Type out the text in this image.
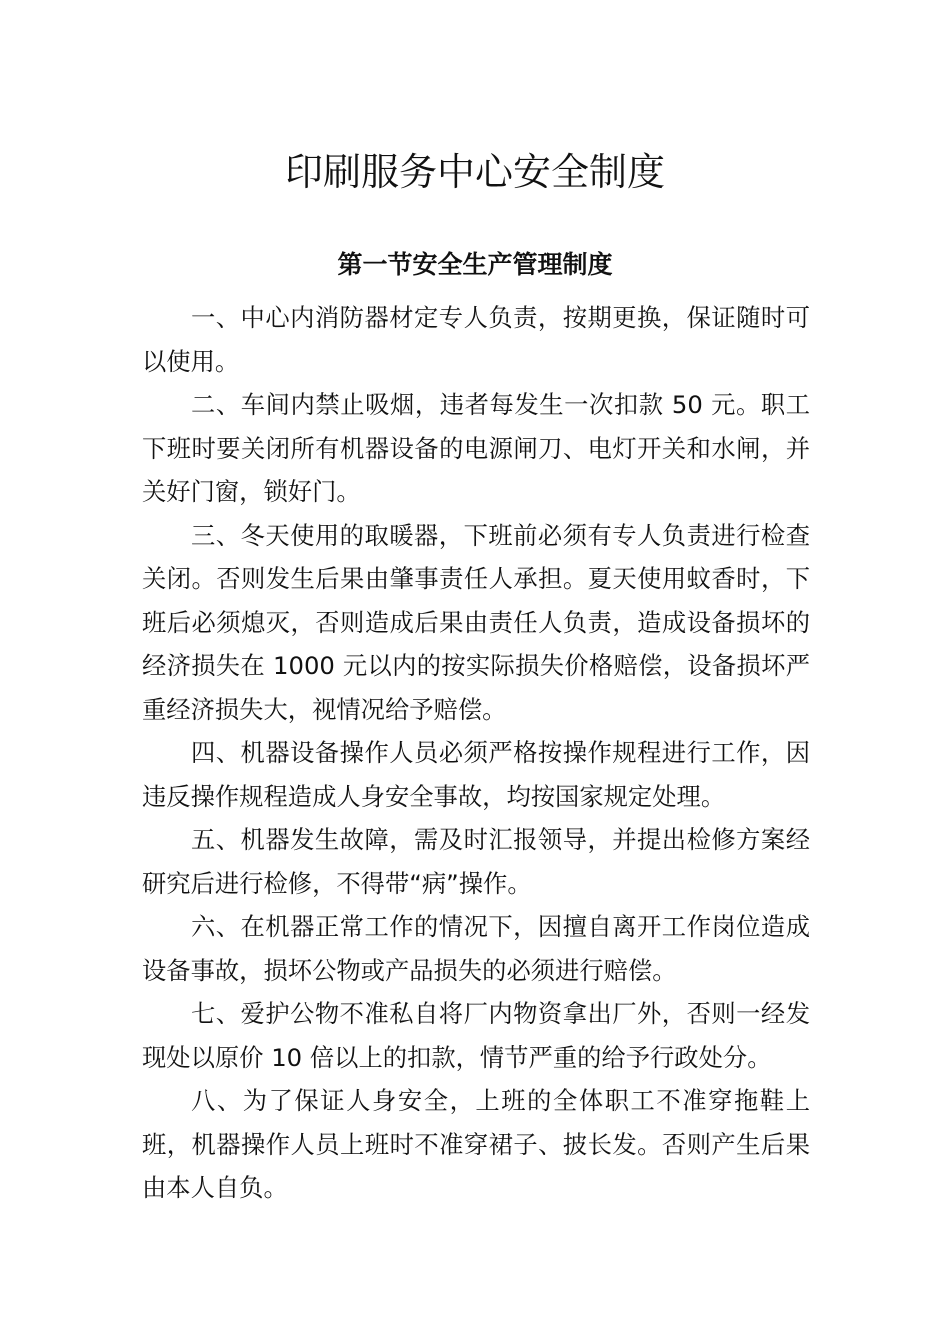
印刷服务中心安全制度
第一节安全生产管理制度

一、中心内消防器材定专人负责，按期更换，保证随时可以使用。

二、车间内禁止吸烟，违者每发生一次扣款 50 元。职工下班时要关闭所有机器设备的电源闸刀、电灯开关和水闸，并关好门窗，锁好门。

三、冬天使用的取暖器，下班前必须有专人负责进行检查关闭。否则发生后果由肇事责任人承担。夏天使用蚊香时，下班后必须熄灭，否则造成后果由责任人负责，造成设备损坏的经济损失在 1000 元以内的按实际损失价格赔偿，设备损坏严重经济损失大，视情况给予赔偿。

四、机器设备操作人员必须严格按操作规程进行工作，因违反操作规程造成人身安全事故，均按国家规定处理。

五、机器发生故障，需及时汇报领导，并提出检修方案经研究后进行检修，不得带“病”操作。

六、在机器正常工作的情况下，因擅自离开工作岗位造成设备事故，损坏公物或产品损失的必须进行赔偿。

七、爱护公物不准私自将厂内物资拿出厂外，否则一经发现处以原价 10 倍以上的扣款，情节严重的给予行政处分。

八、为了保证人身安全，上班的全体职工不准穿拖鞋上班，机器操作人员上班时不准穿裙子、披长发。否则产生后果由本人自负。
